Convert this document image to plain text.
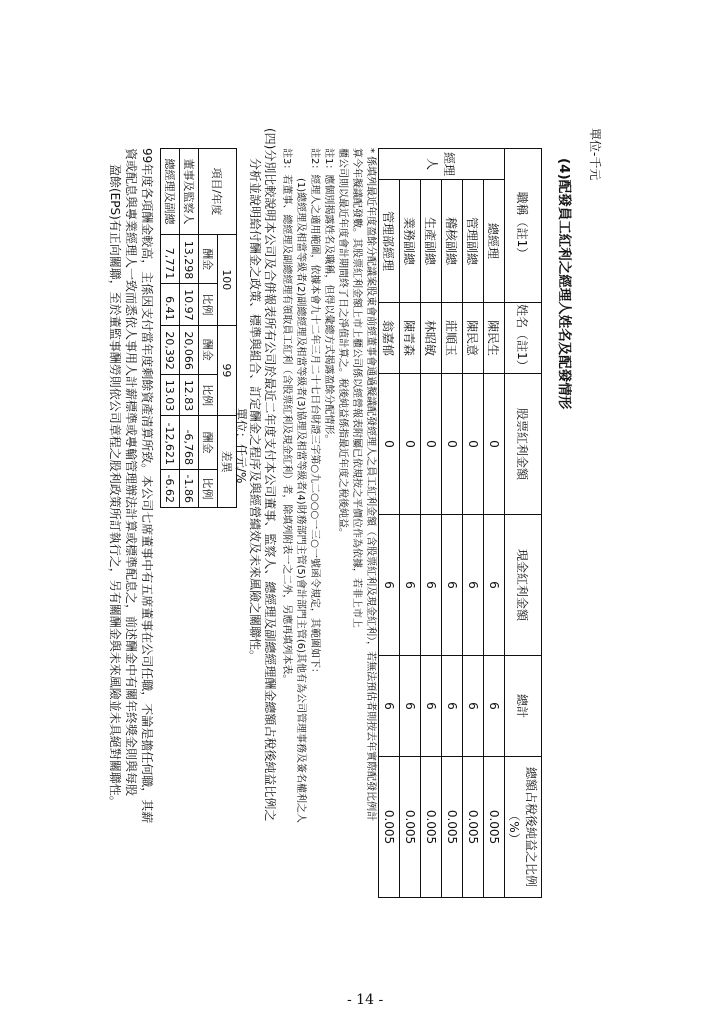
(4)配發員工紅利之經理人姓名及配發情形
單位-千元
職稱（註1）		姓名（註1）	股票紅利金額	現金紅利金額	總計	總額占稅後純益之比例（%）
經理人	總經理	陳民生	0	6	6	0.005
	管理副總	陳民意	0	6	6	0.005
	稽核副總	莊順玉	0	6	6	0.005
	生產副總	林昭敏	0	6	6	0.005
	業務副總	陳青森	0	6	6	0.005
	管理部經理	翁嘉郁	0	6	6	0.005
* 係填列最近年度盈餘分配議案股東會前經董事會通過擬議配發經理人之員工紅利金額（含股票紅利及現金紅利），若無法預估者則按去年實際配發比例計
算今年擬議配發數。其股票紅利金額上市上櫃公司係以經營報表附屬已依規按之平價位作為依據，若非上市上
櫃公司則以最近年度會計期間終了日之淨值計算之。稅後純益係指最近年度之稅後純益。
註1：應個別揭露姓名及職稱，但得以彙總方式揭露盈餘分配情形。
註2：經理人之適用範圍，依據本會九十二年三月二十七日台財證三字第○九二○○○一三○一號函令規定，其範圍如下：
(1)總經理及相當等級者(2)副總經理及相當等級者(3)協理及相當等級者(4)財務部門主管(5)會計部門主管(6)其他有為公司管理事務及簽名權利之人
註3：若董事、總經理及副總經理有領取員工紅利（含股票紅利及現金紅利）者，除填列附表一之二外，另應再填列本表。
(四)分別比較說明本公司及合併報表所有公司於最近二年度支付本公司董事、監察人、總經理及副總經理酬金總額占稅後純益比例之
分析並說明給付酬金之政策、標準與組合、訂定酬金之程序及與經營績效及未來風險之關聯性。
單位：仟元/%
項目/年度	100		99		差異	
	酬金	比例	酬金	比例	酬金	比例
董事及監察人	13,298	10.97	20,066	12.83	-6,768	-1.86
總經理及副總	7,771	6.41	20,392	13.03	-12,621	-6.62
99年度各項酬金較高，主係因支付當年度剩餘資產清算所致。本公司七席董事中有五席董事在公司任職，不論是擔任何職，其薪
資或配息與專業經理人一致而悉依人事用人計薪標準或專輸管理辦法計算或標準配息之，前述酬金中有關年終獎金則與每股
盈餘(EPS)有正向關聯，至於董監事酬勞則依公司章程之股利政策所訂執行之，另有關酬金與未來風險並未具絕對關聯性。
- 14 -
